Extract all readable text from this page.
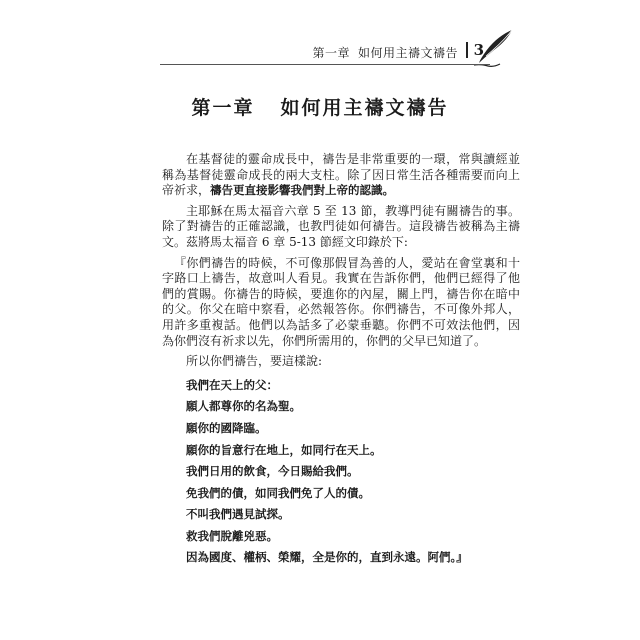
第一章 如何用主禱文禱告 3
第一章 如何用主禱文禱告

在基督徒的靈命成長中，禱告是非常重要的一環，常與讀經並稱為基督徒靈命成長的兩大支柱。除了因日常生活各種需要而向上帝祈求，禱告更直接影響我們對上帝的認識。

主耶穌在馬太福音六章 5 至 13 節，教導門徒有關禱告的事。除了對禱告的正確認識，也教門徒如何禱告。這段禱告被稱為主禱文。茲將馬太福音 6 章 5-13 節經文印錄於下:

『你們禱告的時候，不可像那假冒為善的人，愛站在會堂裏和十字路口上禱告，故意叫人看見。我實在告訴你們，他們已經得了他們的賞賜。你禱告的時候，要進你的內屋，關上門，禱告你在暗中的父。你父在暗中察看，必然報答你。你們禱告，不可像外邦人，用許多重複話。他們以為話多了必蒙垂聽。你們不可效法他們，因為你們沒有祈求以先，你們所需用的，你們的父早已知道了。

所以你們禱告，要這樣說:

我們在天上的父：
願人都尊你的名為聖。
願你的國降臨。
願你的旨意行在地上，如同行在天上。
我們日用的飲食，今日賜給我們。
免我們的債，如同我們免了人的債。
不叫我們遇見試探。
救我們脫離兇惡。
因為國度、權柄、榮耀，全是你的，直到永遠。阿們。』
